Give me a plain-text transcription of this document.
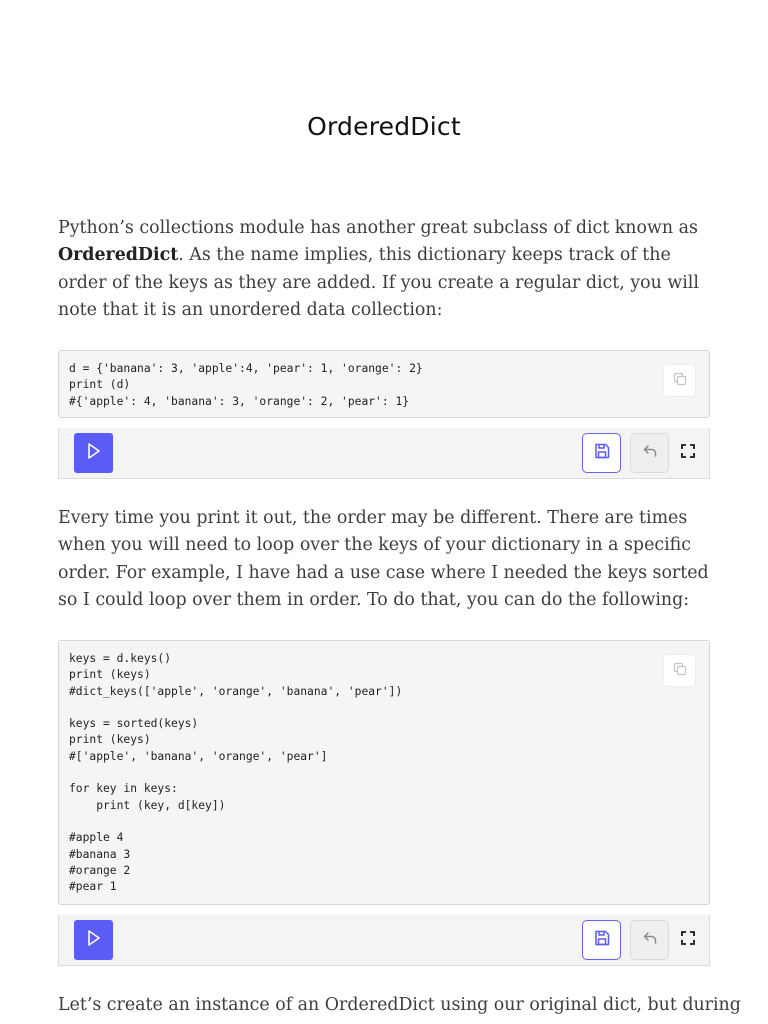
OrderedDict

Python’s collections module has another great subclass of dict known as OrderedDict. As the name implies, this dictionary keeps track of the order of the keys as they are added. If you create a regular dict, you will note that it is an unordered data collection:

d = {'banana': 3, 'apple':4, 'pear': 1, 'orange': 2}
print (d)
#{'apple': 4, 'banana': 3, 'orange': 2, 'pear': 1}

Every time you print it out, the order may be different. There are times when you will need to loop over the keys of your dictionary in a specific order. For example, I have had a use case where I needed the keys sorted so I could loop over them in order. To do that, you can do the following:

keys = d.keys()
print (keys)
#dict_keys(['apple', 'orange', 'banana', 'pear'])

keys = sorted(keys)
print (keys)
#['apple', 'banana', 'orange', 'pear']

for key in keys:
print (key, d[key])

#apple 4
#banana 3
#orange 2
#pear 1

Let’s create an instance of an OrderedDict using our original dict, but during
